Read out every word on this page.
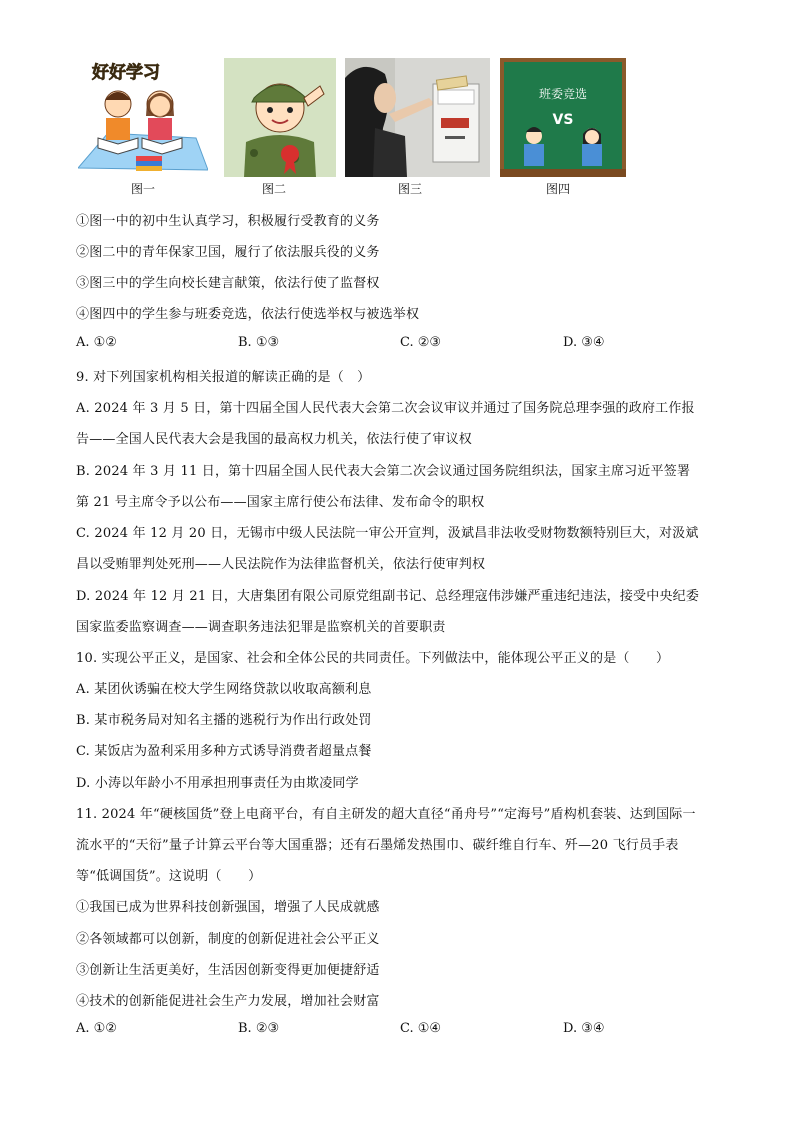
好好学习
图一	图二	图三
班委竞选
VS
图四
①图一中的初中生认真学习，积极履行受教育的义务
②图二中的青年保家卫国，履行了依法服兵役的义务
③图三中的学生向校长建言献策，依法行使了监督权
④图四中的学生参与班委竞选，依法行使选举权与被选举权
A. ①②	B. ①③	C. ②③	D. ③④
9. 对下列国家机构相关报道的解读正确的是（　）
A. 2024 年 3 月 5 日，第十四届全国人民代表大会第二次会议审议并通过了国务院总理李强的政府工作报
告——全国人民代表大会是我国的最高权力机关，依法行使了审议权
B. 2024 年 3 月 11 日，第十四届全国人民代表大会第二次会议通过国务院组织法，国家主席习近平签署
第 21 号主席令予以公布——国家主席行使公布法律、发布命令的职权
C. 2024 年 12 月 20 日，无锡市中级人民法院一审公开宣判，汲斌昌非法收受财物数额特别巨大，对汲斌
昌以受贿罪判处死刑——人民法院作为法律监督机关，依法行使审判权
D. 2024 年 12 月 21 日，大唐集团有限公司原党组副书记、总经理寇伟涉嫌严重违纪违法，接受中央纪委
国家监委监察调查——调查职务违法犯罪是监察机关的首要职责
10. 实现公平正义，是国家、社会和全体公民的共同责任。下列做法中，能体现公平正义的是（　　）
A. 某团伙诱骗在校大学生网络贷款以收取高额利息
B. 某市税务局对知名主播的逃税行为作出行政处罚
C. 某饭店为盈利采用多种方式诱导消费者超量点餐
D. 小涛以年龄小不用承担刑事责任为由欺凌同学
11. 2024 年“硬核国货”登上电商平台，有自主研发的超大直径“甬舟号”“定海号”盾构机套装、达到国际一
流水平的“天衍”量子计算云平台等大国重器；还有石墨烯发热围巾、碳纤维自行车、歼—20 飞行员手表
等“低调国货”。这说明（　　）
①我国已成为世界科技创新强国，增强了人民成就感
②各领域都可以创新，制度的创新促进社会公平正义
③创新让生活更美好，生活因创新变得更加便捷舒适
④技术的创新能促进社会生产力发展，增加社会财富
A. ①②	B. ②③	C. ①④	D. ③④
